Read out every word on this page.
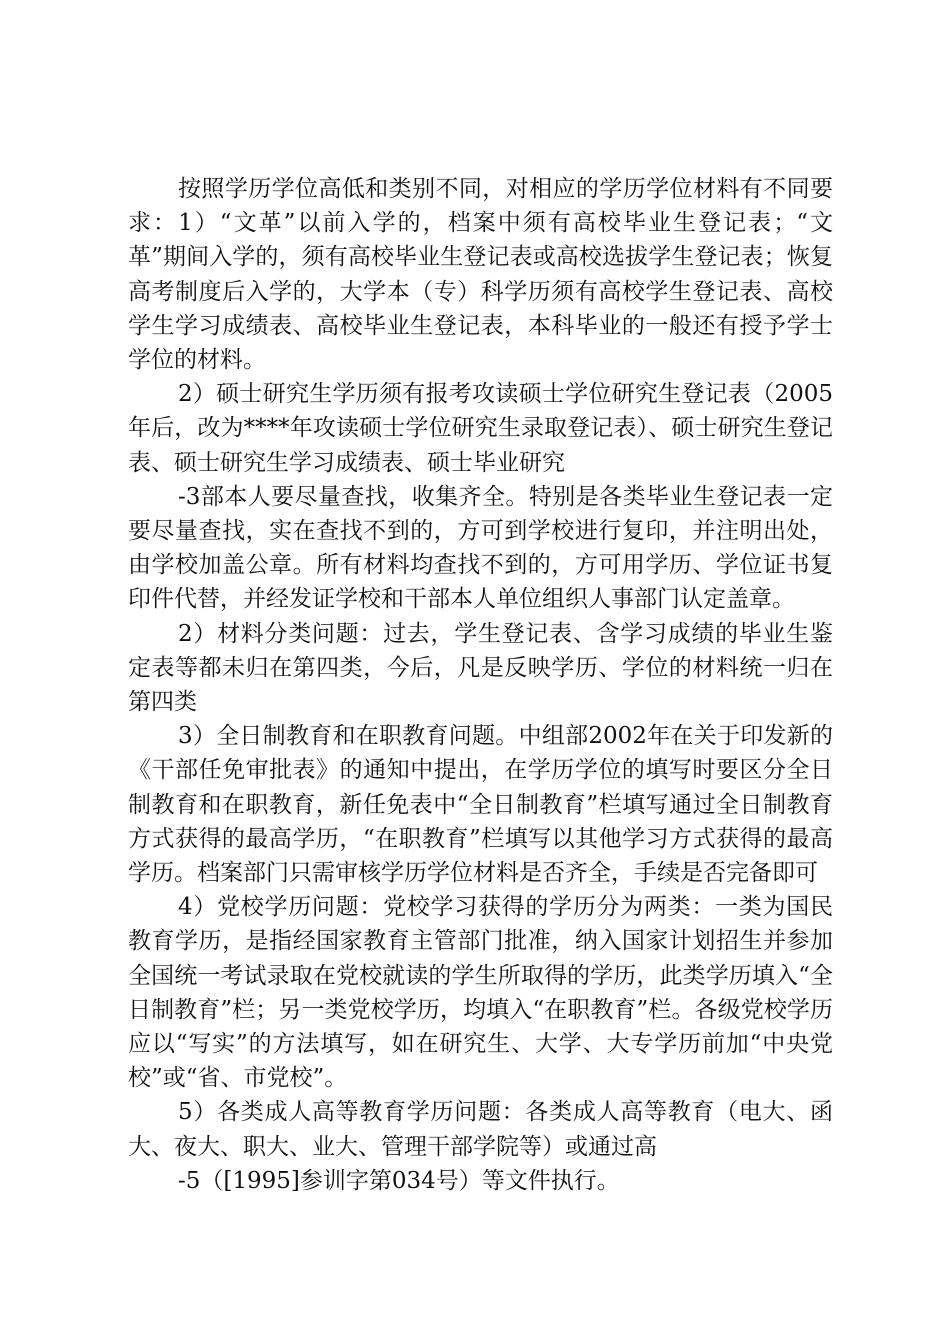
按照学历学位高低和类别不同，对相应的学历学位材料有不同要求：1）“文革”以前入学的，档案中须有高校毕业生登记表；“文革”期间入学的，须有高校毕业生登记表或高校选拔学生登记表；恢复高考制度后入学的，大学本（专）科学历须有高校学生登记表、高校学生学习成绩表、高校毕业生登记表，本科毕业的一般还有授予学士学位的材料。

2）硕士研究生学历须有报考攻读硕士学位研究生登记表（2005年后，改为****年攻读硕士学位研究生录取登记表）、硕士研究生登记表、硕士研究生学习成绩表、硕士毕业研究

-3部本人要尽量查找，收集齐全。特别是各类毕业生登记表一定要尽量查找，实在查找不到的，方可到学校进行复印，并注明出处，由学校加盖公章。所有材料均查找不到的，方可用学历、学位证书复印件代替，并经发证学校和干部本人单位组织人事部门认定盖章。

2）材料分类问题：过去，学生登记表、含学习成绩的毕业生鉴定表等都未归在第四类，今后，凡是反映学历、学位的材料统一归在第四类

3）全日制教育和在职教育问题。中组部2002年在关于印发新的《干部任免审批表》的通知中提出，在学历学位的填写时要区分全日制教育和在职教育，新任免表中“全日制教育”栏填写通过全日制教育方式获得的最高学历，“在职教育”栏填写以其他学习方式获得的最高学历。档案部门只需审核学历学位材料是否齐全，手续是否完备即可

4）党校学历问题：党校学习获得的学历分为两类：一类为国民教育学历，是指经国家教育主管部门批准，纳入国家计划招生并参加全国统一考试录取在党校就读的学生所取得的学历，此类学历填入“全日制教育”栏；另一类党校学历，均填入“在职教育”栏。各级党校学历应以“写实”的方法填写，如在研究生、大学、大专学历前加“中央党校”或“省、市党校”。

5）各类成人高等教育学历问题：各类成人高等教育（电大、函大、夜大、职大、业大、管理干部学院等）或通过高

-5（[1995]参训字第034号）等文件执行。
